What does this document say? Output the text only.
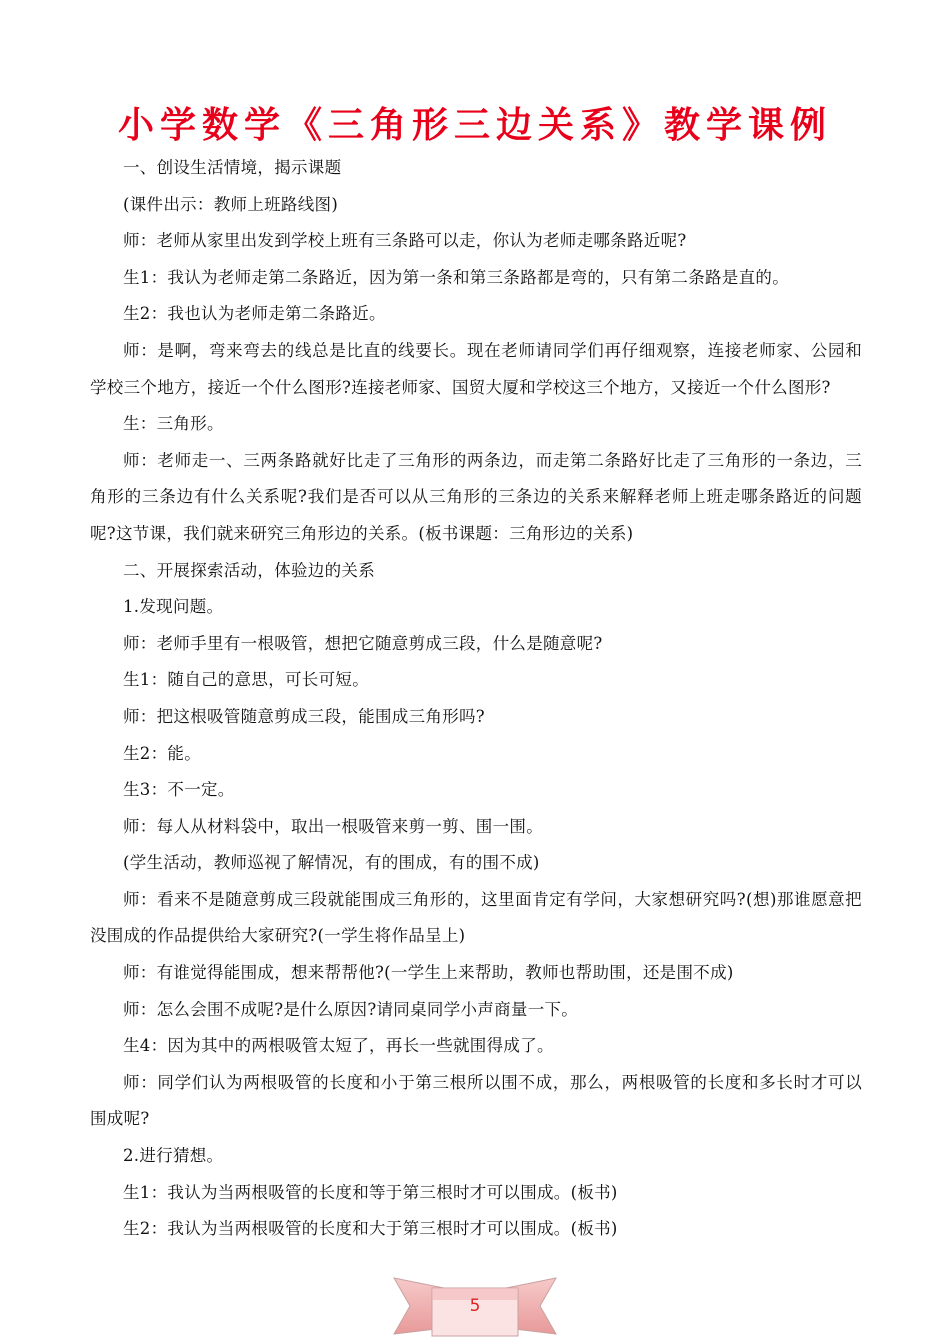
小学数学《三角形三边关系》教学课例

一、创设生活情境，揭示课题

(课件出示：教师上班路线图)

师：老师从家里出发到学校上班有三条路可以走，你认为老师走哪条路近呢?

生1：我认为老师走第二条路近，因为第一条和第三条路都是弯的，只有第二条路是直的。

生2：我也认为老师走第二条路近。

师：是啊，弯来弯去的线总是比直的线要长。现在老师请同学们再仔细观察，连接老师家、公园和学校三个地方，接近一个什么图形?连接老师家、国贸大厦和学校这三个地方，又接近一个什么图形?

生：三角形。

师：老师走一、三两条路就好比走了三角形的两条边，而走第二条路好比走了三角形的一条边，三角形的三条边有什么关系呢?我们是否可以从三角形的三条边的关系来解释老师上班走哪条路近的问题呢?这节课，我们就来研究三角形边的关系。(板书课题：三角形边的关系)

二、开展探索活动，体验边的关系

1.发现问题。

师：老师手里有一根吸管，想把它随意剪成三段，什么是随意呢?

生1：随自己的意思，可长可短。

师：把这根吸管随意剪成三段，能围成三角形吗?

生2：能。

生3：不一定。

师：每人从材料袋中，取出一根吸管来剪一剪、围一围。

(学生活动，教师巡视了解情况，有的围成，有的围不成)

师：看来不是随意剪成三段就能围成三角形的，这里面肯定有学问，大家想研究吗?(想)那谁愿意把没围成的作品提供给大家研究?(一学生将作品呈上)

师：有谁觉得能围成，想来帮帮他?(一学生上来帮助，教师也帮助围，还是围不成)

师：怎么会围不成呢?是什么原因?请同桌同学小声商量一下。

生4：因为其中的两根吸管太短了，再长一些就围得成了。

师：同学们认为两根吸管的长度和小于第三根所以围不成，那么，两根吸管的长度和多长时才可以围成呢?

2.进行猜想。

生1：我认为当两根吸管的长度和等于第三根时才可以围成。(板书)

生2：我认为当两根吸管的长度和大于第三根时才可以围成。(板书)

5
